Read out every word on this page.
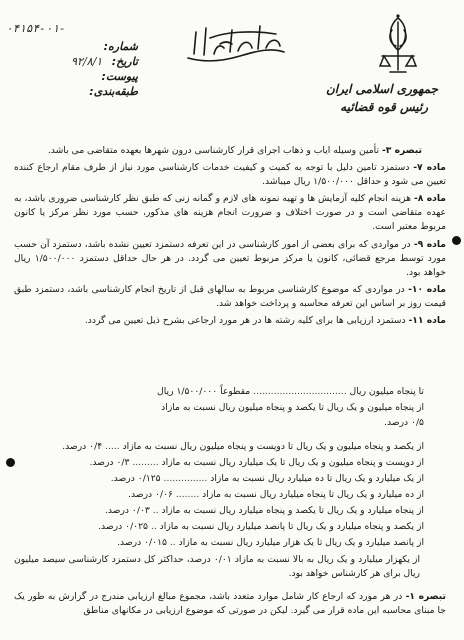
۰۴۱۵۴-۰۱-
شماره:
تاریخ: ۹۲/۸/۱
پیوست:
طبقه‌بندی:	جمهوری اسلامی ایران
رئیس قوه قضائیه

تبصره ۳- تأمین وسیله ایاب و ذهاب اجرای قرار کارشناسی درون شهرها بعهده متقاضی می باشد.

ماده ۷- دستمزد تامین دلیل با توجه به کمیت و کیفیت خدمات کارشناسی مورد نیاز از طرف مقام ارجاع کننده تعیین می شود و حداقل ۱/۵۰۰/۰۰۰ ریال میباشد.

ماده ۸- هزینه انجام کلیه آزمایش ها و تهیه نمونه های لازم و گمانه زنی که طبق نظر کارشناسی ضروری باشد، به عهده متقاضی است و در صورت اختلاف و ضرورت انجام هزینه های مذکور، حسب مورد نظر مرکز یا کانون مربوط معتبر است.

ماده ۹- در مواردی که برای بعضی از امور کارشناسی در این تعرفه دستمزد تعیین نشده باشد، دستمزد آن حسب مورد توسط مرجع قضائی، کانون یا مرکز مربوط تعیین می گردد. در هر حال حداقل دستمزد ۱/۵۰۰/۰۰۰ ریال خواهد بود.

ماده ۱۰- در مواردی که موضوع کارشناسی مربوط به سالهای قبل از تاریخ انجام کارشناسی باشد، دستمزد طبق قیمت روز بر اساس این تعرفه محاسبه و پرداخت خواهد شد.

ماده ۱۱- دستمزد ارزیابی ها برای کلیه رشته ها در هر مورد ارجاعی بشرح ذیل تعیین می گردد.

تا پنجاه میلیون ریال ................................ مقطوعاً ۱/۵۰۰/۰۰۰ ریال
از پنجاه میلیون و یک ریال تا یکصد و پنجاه میلیون ریال نسبت به مازاد
۰/۵ درصد.
از یکصد و پنجاه میلیون و یک ریال تا دویست و پنجاه میلیون ریال نسبت به مازاد ..... ۰/۴ درصد.
از دویست و پنجاه میلیون و یک ریال تا یک میلیارد ریال نسبت به مازاد ......... ۰/۳ درصد.
از یک میلیارد و یک ریال تا ده میلیارد ریال نسبت به مازاد ............... ۰/۱۲۵ درصد.
از ده میلیارد و یک ریال تا پنجاه میلیارد ریال نسبت به مازاد ........ ۰/۰۶ درصد.
از پنجاه میلیارد و یک ریال تا یکصد و پنجاه میلیارد ریال نسبت به مازاد .. ۰/۰۳ درصد.
از یکصد و پنجاه میلیارد و یک ریال تا پانصد میلیارد ریال نسبت به مازاد .. ۰/۰۲۵ درصد.
از پانصد میلیارد و یک ریال تا یک هزار میلیارد ریال نسبت به مازاد .. ۰/۰۱۵ درصد.

از یکهزار میلیارد و یک ریال به بالا نسبت به مازاد ۰/۰۱ درصد، حداکثر کل دستمزد کارشناسی سیصد میلیون ریال برای هر کارشناس خواهد بود.

تبصره ۱- در هر مورد که ارجاع کار شامل موارد متعدد باشد، مجموع مبالغ ارزیابی مندرج در گزارش به طور یک جا مبنای محاسبه این ماده قرار می گیرد. لیکن در صورتی که موضوع ارزیابی در مکانهای مناطق
